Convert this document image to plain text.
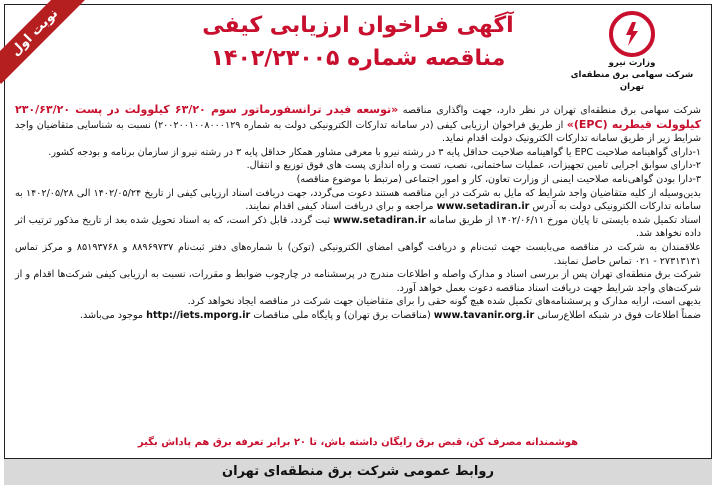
نوبت اول	آگهی فراخوان ارزیابی کیفی
مناقصه شماره ۱۴۰۲/۲۳۰۰۵	وزارت نیرو
شرکت سهامی برق منطقه‌ای تهران

شرکت سهامی برق منطقه‌ای تهران در نظر دارد، جهت واگذاری مناقصه «توسعه فیدر ترانسفورماتور سوم ۶۳/۲۰ کیلوولت در پست ۲۳۰/۶۳/۲۰ کیلوولت قیطریه (EPC)» از طریق فراخوان ارزیابی کیفی (در سامانه تدارکات الکترونیکی دولت به شماره ۲۰۰۲۰۰۱۰۰۸۰۰۰۱۲۹) نسبت به شناسایی متقاضیان واجد شرایط زیر از طریق سامانه تدارکات الکترونیک دولت اقدام نماید.

۱-دارای گواهینامه صلاحیت EPC یا گواهینامه صلاحیت حداقل پایه ۳ در رشته نیرو با معرفی مشاور همکار حداقل پایه ۳ در رشته نیرو از سازمان برنامه و بودجه کشور.

۲-دارای سوابق اجرایی تامین تجهیزات، عملیات ساختمانی، نصب، تست و راه اندازی پست های فوق توزیع و انتقال.

۳-دارا بودن گواهی‌نامه صلاحیت ایمنی از وزارت تعاون، کار و امور اجتماعی (مرتبط با موضوع مناقصه)

بدین‌وسیله از کلیه متقاضیان واجد شرایط که مایل به شرکت در این مناقصه هستند دعوت می‌گردد، جهت دریافت اسناد ارزیابی کیفی از تاریخ ۱۴۰۲/۰۵/۲۴ الی ۱۴۰۲/۰۵/۲۸ به سامانه تدارکات الکترونیکی دولت به آدرس www.setadiran.ir مراجعه و برای دریافت اسناد کیفی اقدام نمایند.

اسناد تکمیل شده بایستی تا پایان مورخ ۱۴۰۲/۰۶/۱۱ از طریق سامانه www.setadiran.ir ثبت گردد، قابل ذکر است، که به اسناد تحویل شده بعد از تاریخ مذکور ترتیب اثر داده نخواهد شد.

علاقمندان به شرکت در مناقصه می‌بایست جهت ثبت‌نام و دریافت گواهی امضای الکترونیکی (توکن) با شماره‌های دفتر ثبت‌نام ۸۸۹۶۹۷۳۷ و ۸۵۱۹۳۷۶۸ و مرکز تماس ۲۷۳۱۳۱۳۱ - ۰۲۱ تماس حاصل نمایند.

شرکت برق منطقه‌ای تهران پس از بررسی اسناد و مدارک واصله و اطلاعات مندرج در پرسشنامه در چارچوب ضوابط و مقررات، نسبت به ارزیابی کیفی شرکت‌ها اقدام و از شرکت‌های واجد شرایط جهت دریافت اسناد مناقصه دعوت بعمل خواهد آورد.

بدیهی است، ارایه مدارک و پرسشنامه‌های تکمیل شده هیچ گونه حقی را برای متقاضیان جهت شرکت در مناقصه ایجاد نخواهد کرد.

ضمناً اطلاعات فوق در شبکه اطلاع‌رسانی www.tavanir.org.ir (مناقصات برق تهران) و پایگاه ملی مناقصات http://iets.mporg.ir موجود می‌باشد.

هوشمندانه مصرف کن، قبض برق رایگان داشته باش، تا ۲۰ برابر تعرفه برق هم پاداش بگیر
روابط عمومی شرکت برق منطقه‌ای تهران
